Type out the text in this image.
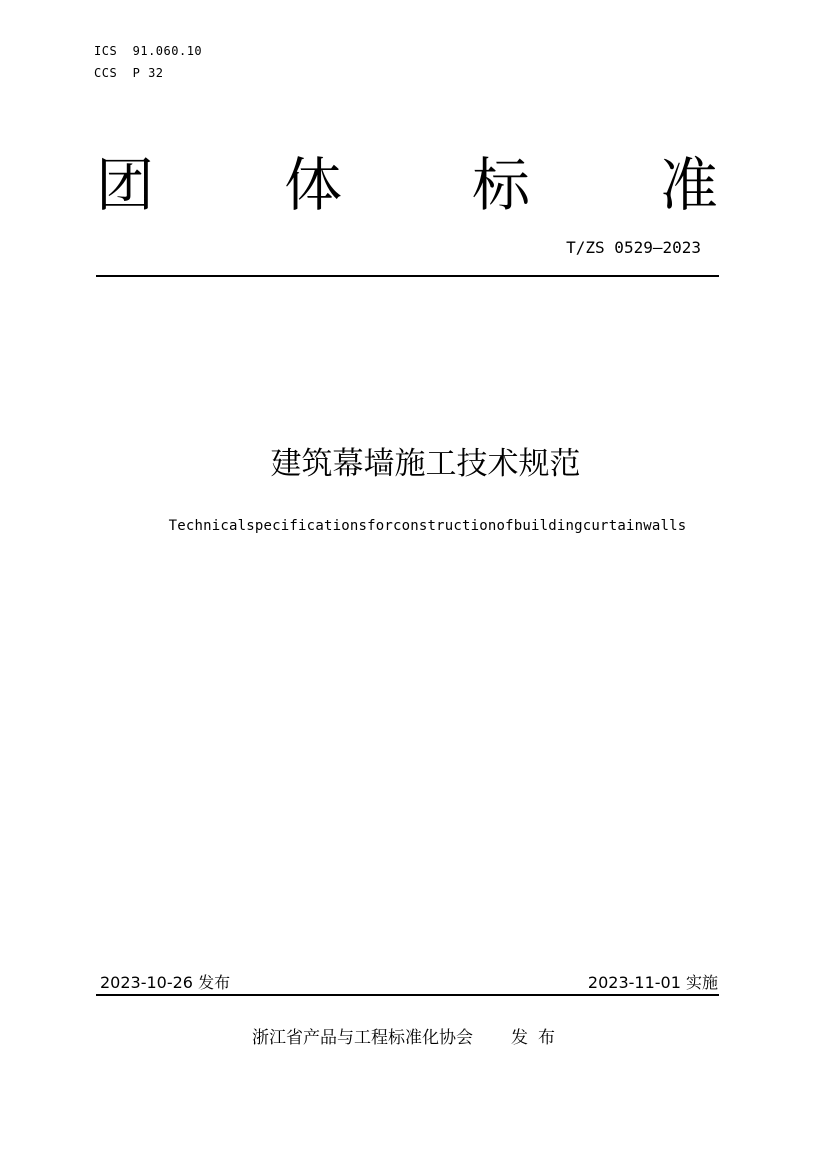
ICS  91.060.10
CCS  P 32
团 体 标 准
T/ZS 0529—2023
建筑幕墙施工技术规范
Technicalspecificationsforconstructionofbuildingcurtainwalls
2023-10-26 发布	2023-11-01 实施
浙江省产品与工程标准化协会 发布
